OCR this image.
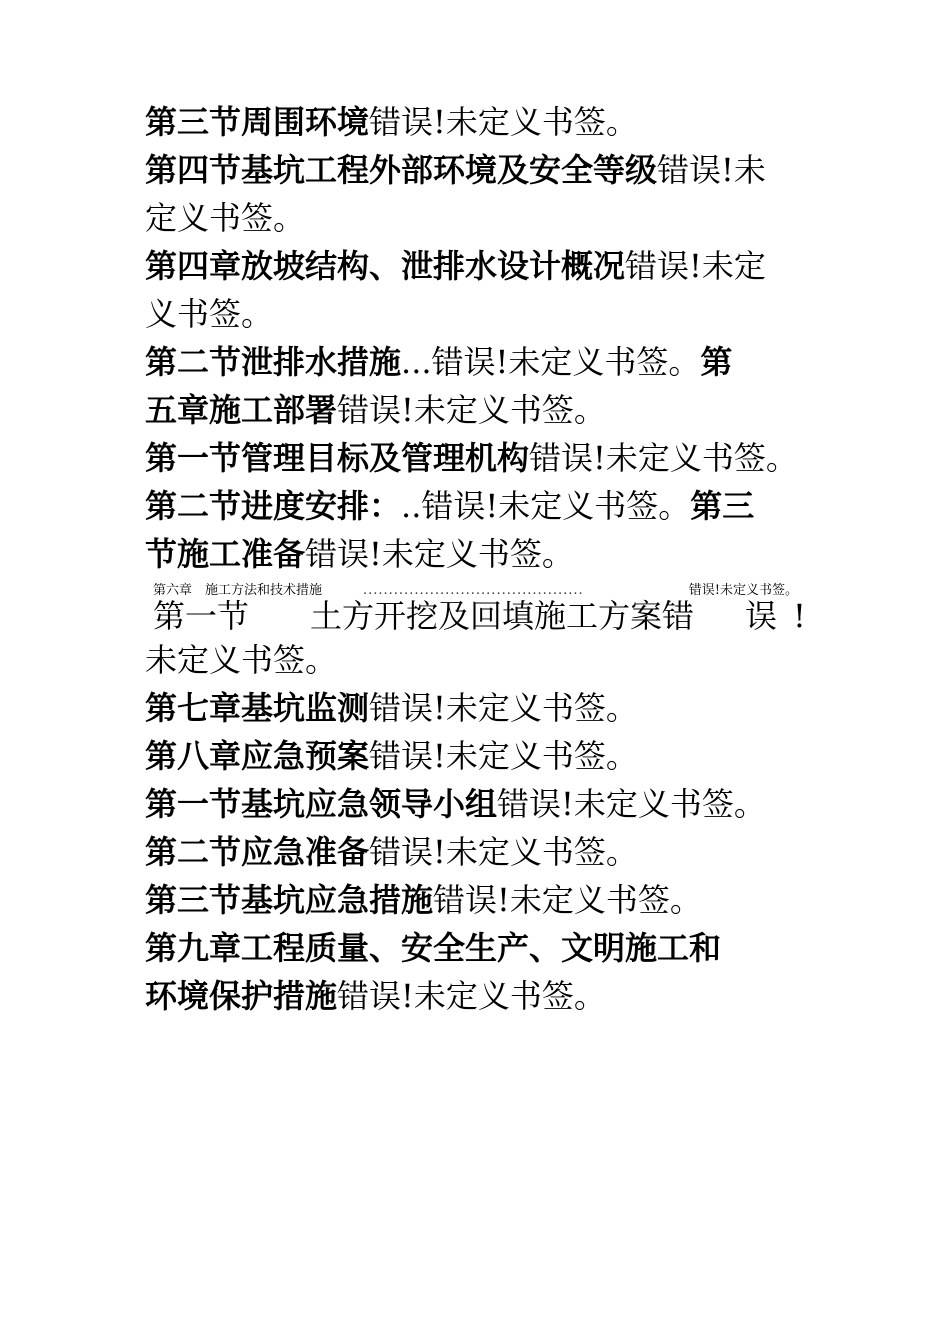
第三节周围环境错误!未定义书签。
第四节基坑工程外部环境及安全等级错误!未
定义书签。
第四章放坡结构、泄排水设计概况错误!未定
义书签。
第二节泄排水措施...错误!未定义书签。第
五章施工部署错误!未定义书签。
第一节管理目标及管理机构错误!未定义书签。
第二节进度安排：..错误!未定义书签。第三
节施工准备错误!未定义书签。
第六章　施工方法和技术措施	...........................................	错误!未定义书签。
第一节 土方开挖及回填施工方案错 误 !
未定义书签。
第七章基坑监测错误!未定义书签。
第八章应急预案错误!未定义书签。
第一节基坑应急领导小组错误!未定义书签。
第二节应急准备错误!未定义书签。
第三节基坑应急措施错误!未定义书签。
第九章工程质量、安全生产、文明施工和
环境保护措施错误!未定义书签。
